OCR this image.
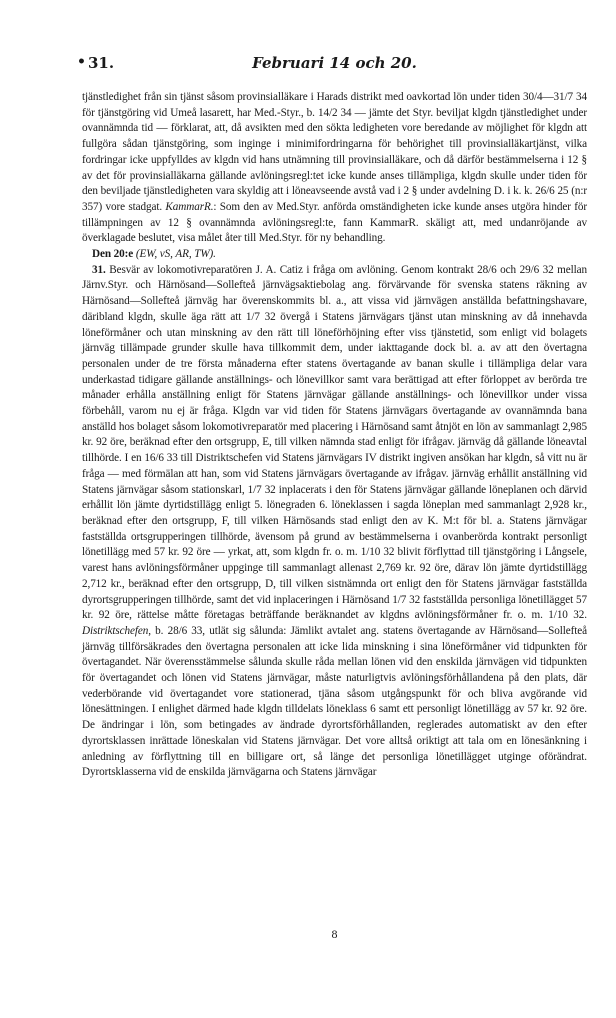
• 31.	Februari 14 och 20.

tjänstledighet från sin tjänst såsom provinsialläkare i Harads distrikt med oavkortad lön under tiden 30/4—31/7 34 för tjänstgöring vid Umeå lasarett, har Med.-Styr., b. 14/2 34 — jämte det Styr. beviljat klgdn tjänstledighet under ovannämnda tid — förklarat, att, då avsikten med den sökta ledigheten vore beredande av möjlighet för klgdn att fullgöra sådan tjänstgöring, som inginge i minimifordringarna för behörighet till provinsialläkartjänst, vilka fordringar icke uppfylldes av klgdn vid hans utnämning till provinsialläkare, och då därför bestämmelserna i 12 § av det för provinsialläkarna gällande avlöningsregl:tet icke kunde anses tillämpliga, klgdn skulle under tiden för den beviljade tjänstledigheten vara skyldig att i löneavseende avstå vad i 2 § under avdelning D. i k. k. 26/6 25 (n:r 357) vore stadgat. KammarR.: Som den av Med.Styr. anförda omständigheten icke kunde anses utgöra hinder för tillämpningen av 12 § ovannämnda avlöningsregl:te, fann KammarR. skäligt att, med undanröjande av överklagade beslutet, visa målet åter till Med.Styr. för ny behandling.

Den 20:e (EW, vS, AR, TW).

31. Besvär av lokomotivreparatören J. A. Catiz i fråga om avlöning. Genom kontrakt 28/6 och 29/6 32 mellan Järnv.Styr. och Härnösand—Sollefteå järnvägsaktiebolag ang. förvärvande för svenska statens räkning av Härnösand—Sollefteå järnväg har överenskommits bl. a., att vissa vid järnvägen anställda befattningshavare, däribland klgdn, skulle äga rätt att 1/7 32 övergå i Statens järnvägars tjänst utan minskning av då innehavda löneförmåner och utan minskning av den rätt till löneförhöjning efter viss tjänstetid, som enligt vid bolagets järnväg tillämpade grunder skulle hava tillkommit dem, under iakttagande dock bl. a. av att den övertagna personalen under de tre första månaderna efter statens övertagande av banan skulle i tillämpliga delar vara underkastad tidigare gällande anställnings- och lönevillkor samt vara berättigad att efter förloppet av berörda tre månader erhålla anställning enligt för Statens järnvägar gällande anställnings- och lönevillkor under vissa förbehåll, varom nu ej är fråga. Klgdn var vid tiden för Statens järnvägars övertagande av ovannämnda bana anställd hos bolaget såsom lokomotivreparatör med placering i Härnösand samt åtnjöt en lön av sammanlagt 2,985 kr. 92 öre, beräknad efter den ortsgrupp, E, till vilken nämnda stad enligt för ifrågav. järnväg då gällande löneavtal tillhörde. I en 16/6 33 till Distriktschefen vid Statens järnvägars IV distrikt ingiven ansökan har klgdn, så vitt nu är fråga — med förmälan att han, som vid Statens järnvägars övertagande av ifrågav. järnväg erhållit anställning vid Statens järnvägar såsom stationskarl, 1/7 32 inplacerats i den för Statens järnvägar gällande löneplanen och därvid erhållit lön jämte dyrtidstillägg enligt 5. lönegraden 6. löneklassen i sagda löneplan med sammanlagt 2,928 kr., beräknad efter den ortsgrupp, F, till vilken Härnösands stad enligt den av K. M:t för bl. a. Statens järnvägar fastställda ortsgrupperingen tillhörde, ävensom på grund av bestämmelserna i ovanberörda kontrakt personligt lönetillägg med 57 kr. 92 öre — yrkat, att, som klgdn fr. o. m. 1/10 32 blivit förflyttad till tjänstgöring i Långsele, varest hans avlöningsförmåner uppginge till sammanlagt allenast 2,769 kr. 92 öre, därav lön jämte dyrtidstillägg 2,712 kr., beräknad efter den ortsgrupp, D, till vilken sistnämnda ort enligt den för Statens järnvägar fastställda dyrortsgrupperingen tillhörde, samt det vid inplaceringen i Härnösand 1/7 32 fastställda personliga lönetillägget 57 kr. 92 öre, rättelse måtte företagas beträffande beräknandet av klgdns avlöningsförmåner fr. o. m. 1/10 32. Distriktschefen, b. 28/6 33, utlät sig sålunda: Jämlikt avtalet ang. statens övertagande av Härnösand—Sollefteå järnväg tillförsäkrades den övertagna personalen att icke lida minskning i sina löneförmåner vid tidpunkten för övertagandet. När överensstämmelse sålunda skulle råda mellan lönen vid den enskilda järnvägen vid tidpunkten för övertagandet och lönen vid Statens järnvägar, måste naturligtvis avlöningsförhållandena på den plats, där vederbörande vid övertagandet vore stationerad, tjäna såsom utgångspunkt för och bliva avgörande vid lönesättningen. I enlighet därmed hade klgdn tilldelats löneklass 6 samt ett personligt lönetillägg av 57 kr. 92 öre. De ändringar i lön, som betingades av ändrade dyrortsförhållanden, reglerades automatiskt av den efter dyrortsklassen inrättade löneskalan vid Statens järnvägar. Det vore alltså oriktigt att tala om en lönesänkning i anledning av förflyttning till en billigare ort, så länge det personliga lönetillägget utginge oförändrat. Dyrortsklasserna vid de enskilda järnvägarna och Statens järnvägar

8
